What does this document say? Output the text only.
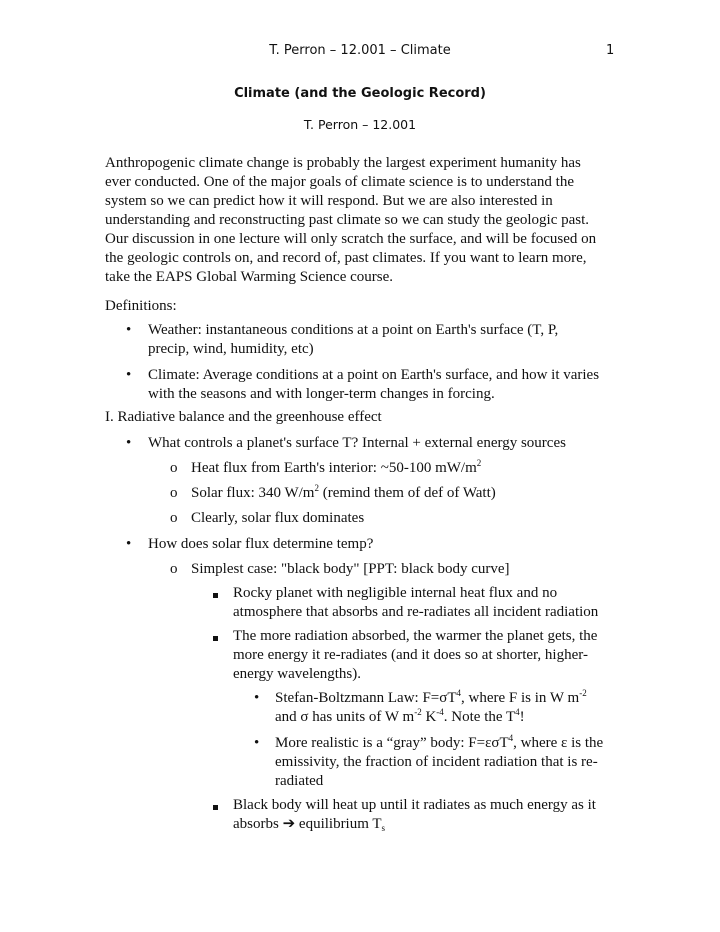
T. Perron – 12.001 – Climate	1
Climate (and the Geologic Record)
T. Perron – 12.001
Anthropogenic climate change is probably the largest experiment humanity has
ever conducted. One of the major goals of climate science is to understand the
system so we can predict how it will respond. But we are also interested in
understanding and reconstructing past climate so we can study the geologic past.
Our discussion in one lecture will only scratch the surface, and will be focused on
the geologic controls on, and record of, past climates. If you want to learn more,
take the EAPS Global Warming Science course.
Definitions:
• Weather: instantaneous conditions at a point on Earth's surface (T, P,
precip, wind, humidity, etc)
• Climate: Average conditions at a point on Earth's surface, and how it varies
with the seasons and with longer-term changes in forcing.
I. Radiative balance and the greenhouse effect
• What controls a planet's surface T? Internal + external energy sources
o Heat flux from Earth's interior: ~50-100 $mW/m^2$
o Solar flux: 340 $W/m^2$ (remind them of def of Watt)
o Clearly, solar flux dominates
• How does solar flux determine temp?
o Simplest case: "black body" [PPT: black body curve]
Rocky planet with negligible internal heat flux and no
atmosphere that absorbs and re-radiates all incident radiation
The more radiation absorbed, the warmer the planet gets, the
more energy it re-radiates (and it does so at shorter, higher-
energy wavelengths).
• Stefan-Boltzmann Law: $F=\sigma T^4$, where F is in W $m^{-2}$
and σ has units of W $m^{-2}$ $K^{-4}$. Note the $T^4$!
• More realistic is a “gray” body: F=εσT$^4$, where ε is the
emissivity, the fraction of incident radiation that is re-
radiated
Black body will heat up until it radiates as much energy as it
absorbs ➔ equilibrium $T_s$
